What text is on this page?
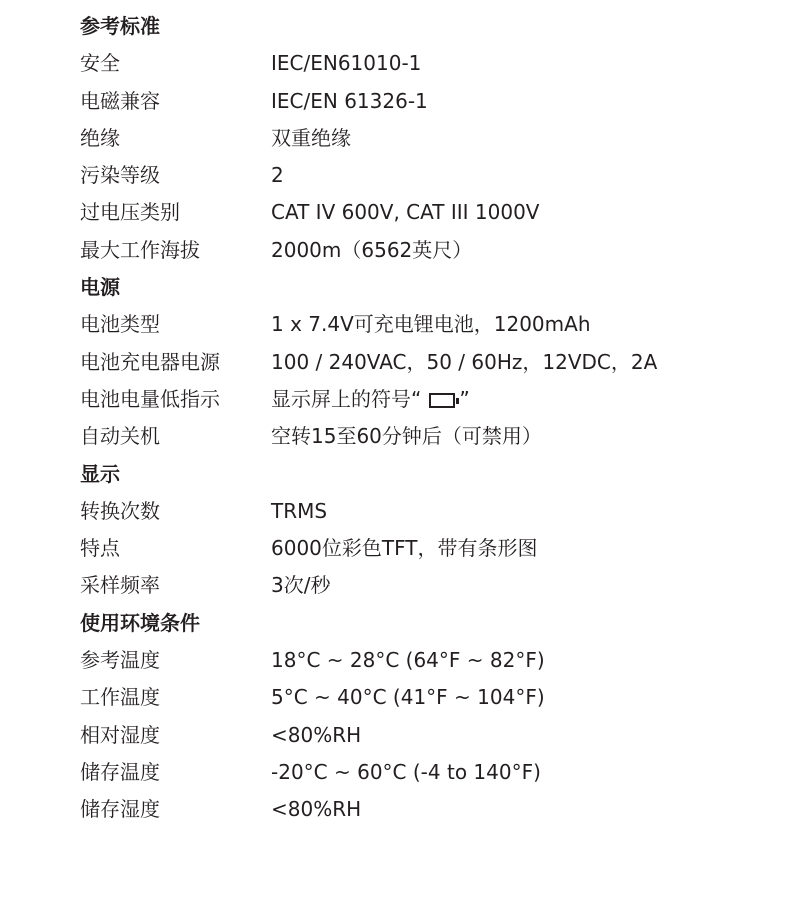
参考标准
安全	IEC/EN61010-1
电磁兼容	IEC/EN 61326-1
绝缘	双重绝缘
污染等级	2
过电压类别	CAT IV 600V, CAT III 1000V
最大工作海拔	2000m（6562英尺）
电源
电池类型	1 x 7.4V可充电锂电池，1200mAh
电池充电器电源	100 / 240VAC，50 / 60Hz，12VDC，2A
电池电量低指示	显示屏上的符号“ ”
自动关机	空转15至60分钟后（可禁用）
显示
转换次数	TRMS
特点	6000位彩色TFT，带有条形图
采样频率	3次/秒
使用环境条件
参考温度	18°C ~ 28°C (64°F ~ 82°F)
工作温度	5°C ~ 40°C (41°F ~ 104°F)
相对湿度	<80%RH
储存温度	-20°C ~ 60°C (-4 to 140°F)
储存湿度	<80%RH
